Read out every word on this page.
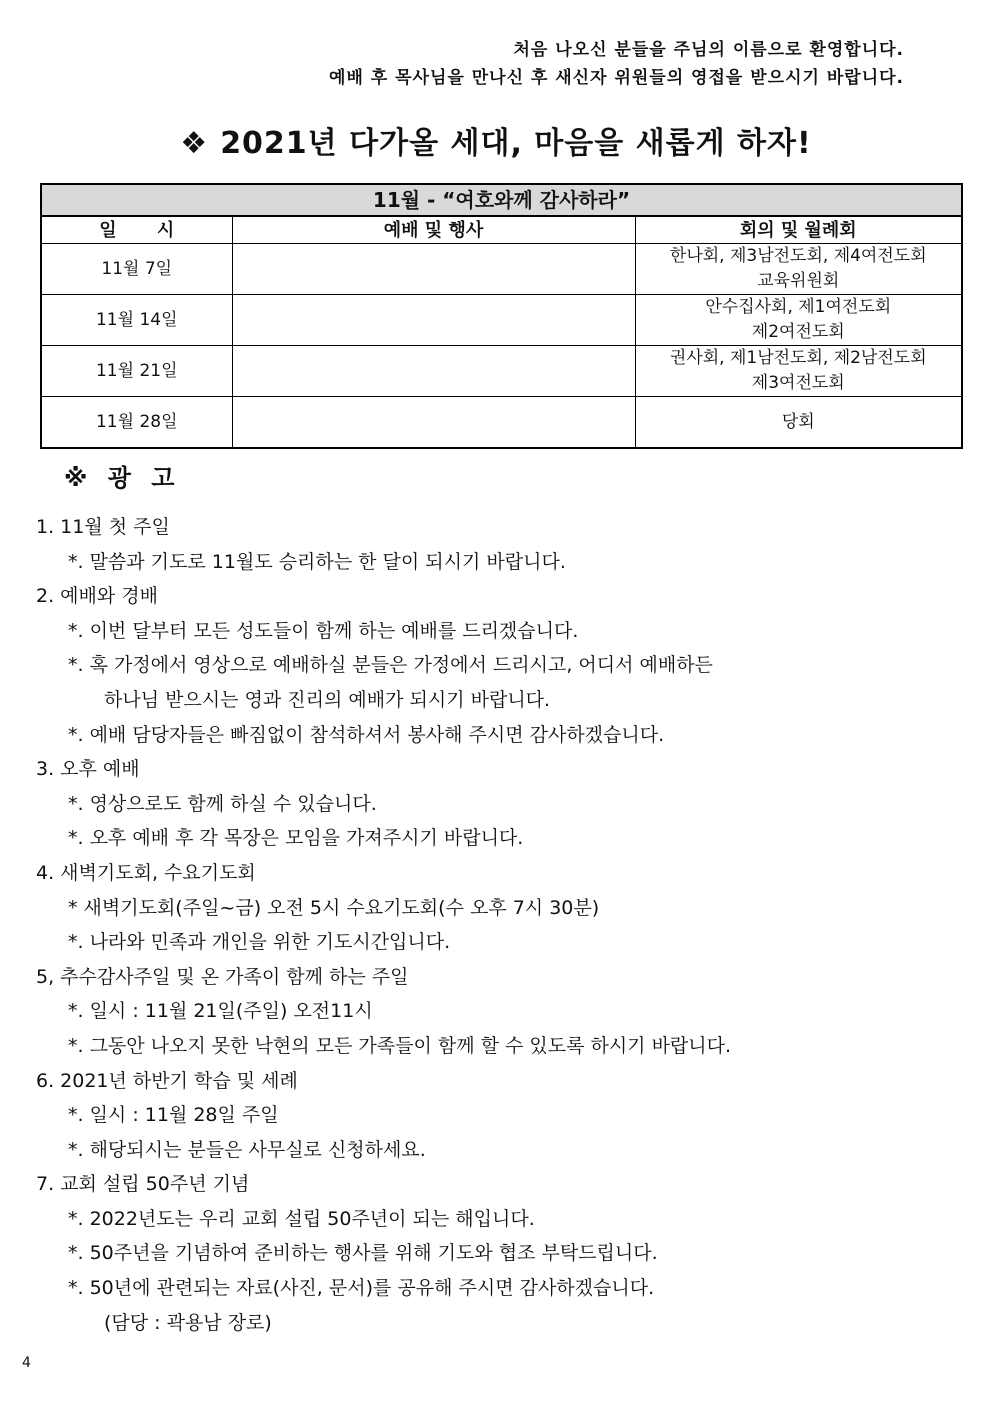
처음 나오신 분들을 주님의 이름으로 환영합니다.
예배 후 목사님을 만나신 후 새신자 위원들의 영접을 받으시기 바랍니다.
❖ 2021년 다가올 세대, 마음을 새롭게 하자!
11월 - “여호와께 감사하라”		
일 시	예배 및 행사	회의 및 월례회
11월 7일		한나회, 제3남전도회, 제4여전도회
교육위원회

11월 14일		안수집사회, 제1여전도회
제2여전도회

11월 21일		권사회, 제1남전도회, 제2남전도회
제3여전도회

11월 28일		당회
※ 광 고
1. 11월 첫 주일
*. 말씀과 기도로 11월도 승리하는 한 달이 되시기 바랍니다.
2. 예배와 경배
*. 이번 달부터 모든 성도들이 함께 하는 예배를 드리겠습니다.
*. 혹 가정에서 영상으로 예배하실 분들은 가정에서 드리시고, 어디서 예배하든
하나님 받으시는 영과 진리의 예배가 되시기 바랍니다.
*. 예배 담당자들은 빠짐없이 참석하셔서 봉사해 주시면 감사하겠습니다.
3. 오후 예배
*. 영상으로도 함께 하실 수 있습니다.
*. 오후 예배 후 각 목장은 모임을 가져주시기 바랍니다.
4. 새벽기도회, 수요기도회
* 새벽기도회(주일~금) 오전 5시 수요기도회(수 오후 7시 30분)
*. 나라와 민족과 개인을 위한 기도시간입니다.
5, 추수감사주일 및 온 가족이 함께 하는 주일
*. 일시 : 11월 21일(주일) 오전11시
*. 그동안 나오지 못한 낙현의 모든 가족들이 함께 할 수 있도록 하시기 바랍니다.
6. 2021년 하반기 학습 및 세례
*. 일시 : 11월 28일 주일
*. 해당되시는 분들은 사무실로 신청하세요.
7. 교회 설립 50주년 기념
*. 2022년도는 우리 교회 설립 50주년이 되는 해입니다.
*. 50주년을 기념하여 준비하는 행사를 위해 기도와 협조 부탁드립니다.
*. 50년에 관련되는 자료(사진, 문서)를 공유해 주시면 감사하겠습니다.
(담당 : 곽용남 장로)
4
